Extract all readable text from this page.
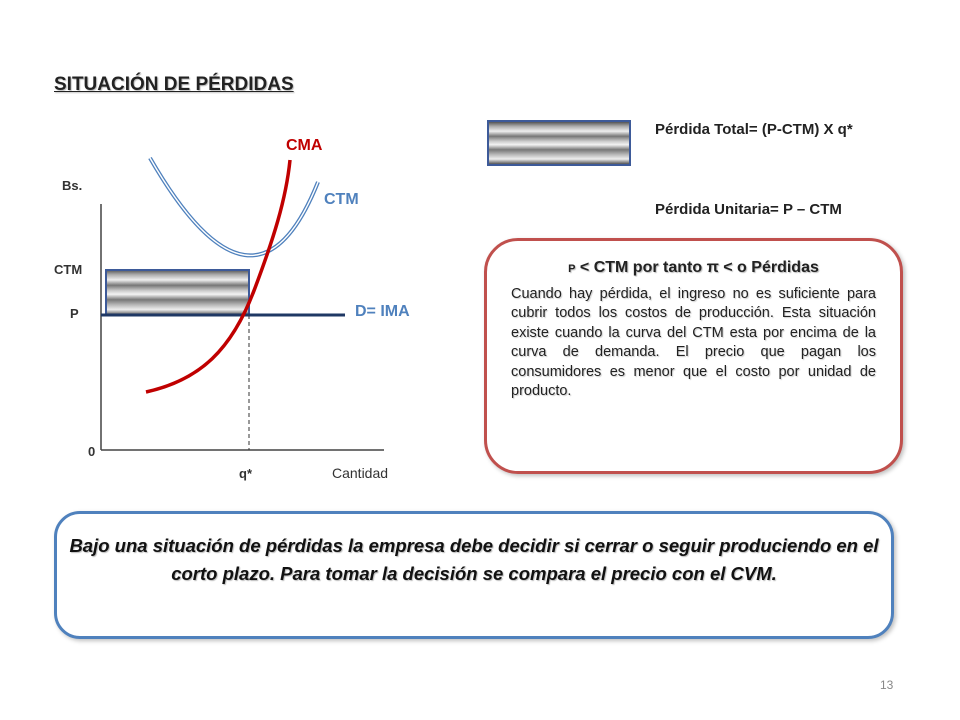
SITUACIÓN DE PÉRDIDAS
Bs.
CTM
P
0
q*	Cantidad
CMA
CTM
D= IMA
Pérdida Total= (P-CTM) X q*
Pérdida Unitaria= P – CTM
P < CTM por tanto π < o Pérdidas
Cuando hay pérdida, el ingreso no es suficiente para cubrir todos los costos de producción. Esta situación existe cuando la curva del CTM esta por encima de la curva de demanda. El precio que pagan los consumidores es menor que el costo por unidad de producto.
Bajo una situación de pérdidas la empresa debe decidir si cerrar o seguir produciendo en el corto plazo. Para tomar la decisión se compara el precio con el CVM.
13
